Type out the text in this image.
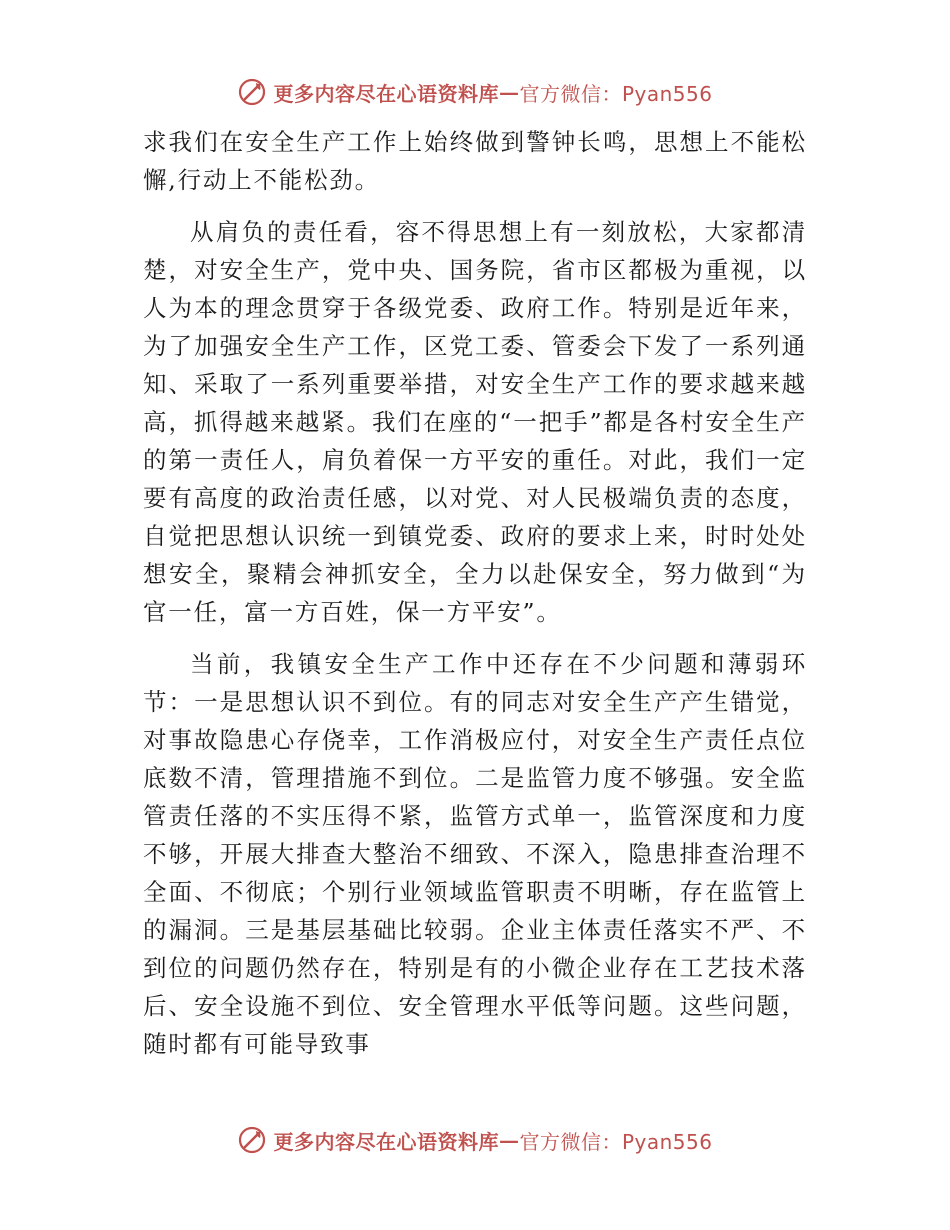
更多内容尽在心语资料库 — 官方微信：Pyan556

求我们在安全生产工作上始终做到警钟长鸣，思想上不能松懈,行动上不能松劲。

从肩负的责任看，容不得思想上有一刻放松，大家都清楚，对安全生产，党中央、国务院，省市区都极为重视，以人为本的理念贯穿于各级党委、政府工作。特别是近年来，为了加强安全生产工作，区党工委、管委会下发了一系列通知、采取了一系列重要举措，对安全生产工作的要求越来越高，抓得越来越紧。我们在座的“一把手”都是各村安全生产的第一责任人，肩负着保一方平安的重任。对此，我们一定要有高度的政治责任感，以对党、对人民极端负责的态度，自觉把思想认识统一到镇党委、政府的要求上来，时时处处想安全，聚精会神抓安全，全力以赴保安全，努力做到“为官一任，富一方百姓，保一方平安”。

当前，我镇安全生产工作中还存在不少问题和薄弱环节：一是思想认识不到位。有的同志对安全生产产生错觉，对事故隐患心存侥幸，工作消极应付，对安全生产责任点位底数不清，管理措施不到位。二是监管力度不够强。安全监管责任落的不实压得不紧，监管方式单一，监管深度和力度不够，开展大排查大整治不细致、不深入，隐患排查治理不全面、不彻底；个别行业领域监管职责不明晰，存在监管上的漏洞。三是基层基础比较弱。企业主体责任落实不严、不到位的问题仍然存在，特别是有的小微企业存在工艺技术落后、安全设施不到位、安全管理水平低等问题。这些问题，随时都有可能导致事

更多内容尽在心语资料库 — 官方微信：Pyan556
